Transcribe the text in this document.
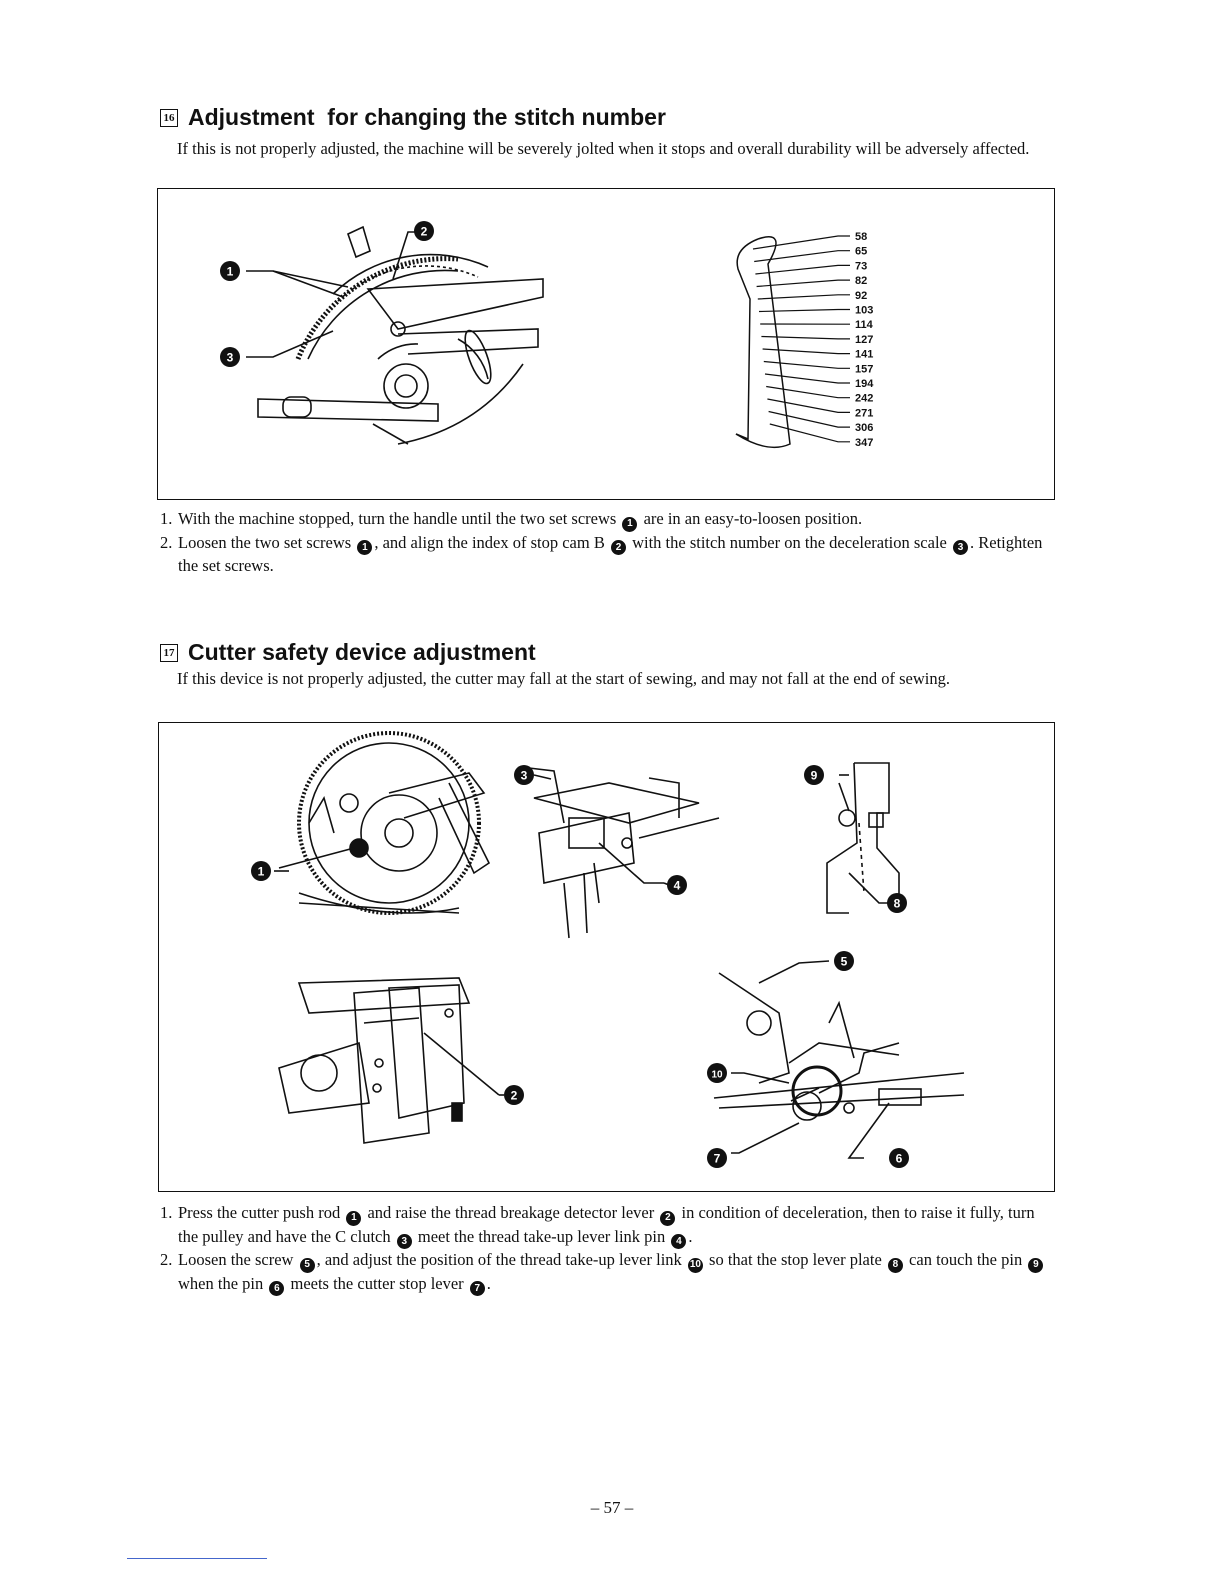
16 Adjustment  for changing the stitch number

If this is not properly adjusted, the machine will be severely jolted when it stops and overall durability will be adversely affected.

1
2
3
58
65
73
82
92
103
114
127
141
157
194
242
271
306
347
1. With the machine stopped, turn the handle until the two set screws 1 are in an easy-to-loosen position.
2. Loosen the two set screws 1 , and align the index of stop cam B 2 with the stitch number on the deceleration scale 3 . Retighten the set screws.
17 Cutter safety device adjustment

If this device is not properly adjusted, the cutter may fall at the start of sewing, and may not fall at the end of sewing.

1
2
3
4
5
6
7
8
9
10
1. Press the cutter push rod 1 and raise the thread breakage detector lever 2 in condition of deceleration, then to raise it fully, turn the pulley and have the C clutch 3 meet the thread take-up lever link pin 4 .
2. Loosen the screw 5 , and adjust the position of the thread take-up lever link 10 so that the stop lever plate 8 can touch the pin 9 when the pin 6 meets the cutter stop lever 7 .
– 57 –
